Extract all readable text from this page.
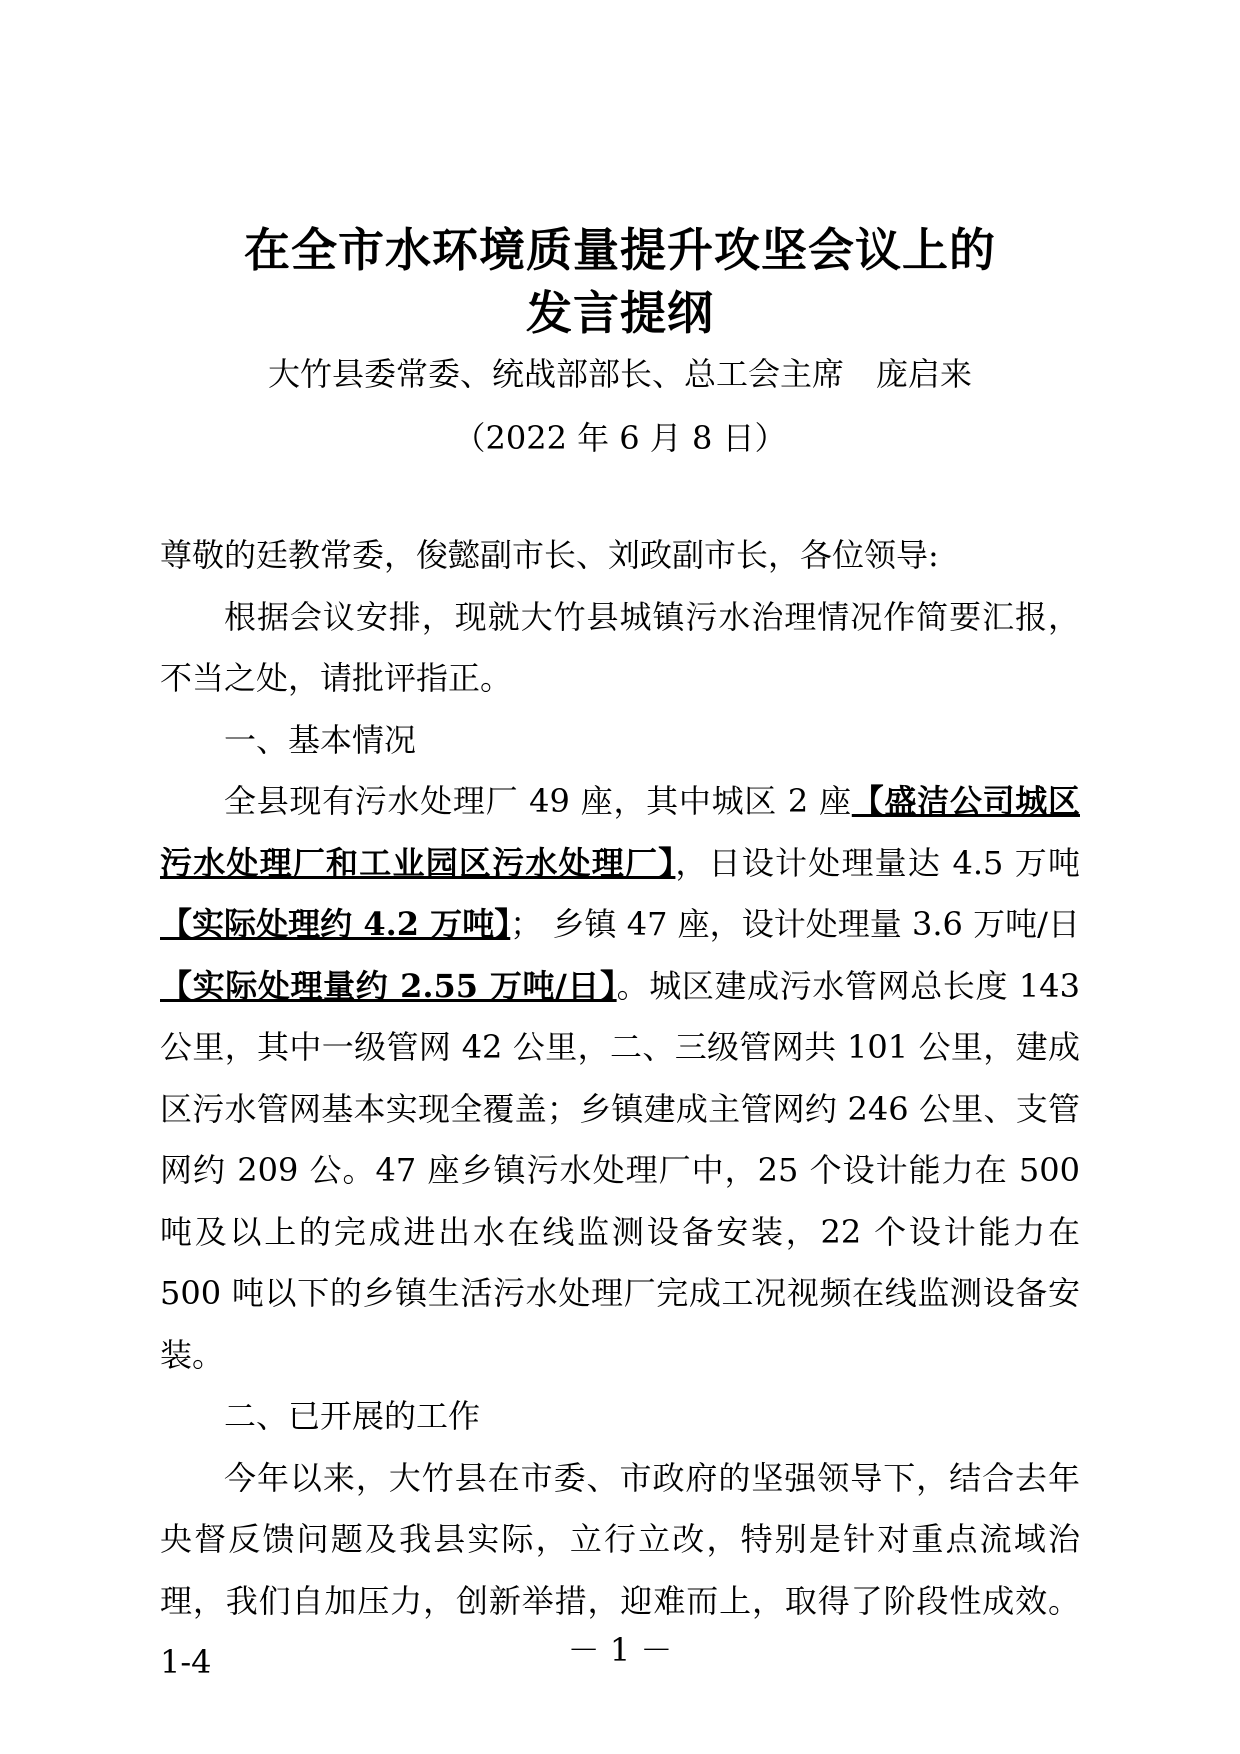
在全市水环境质量提升攻坚会议上的
发言提纲
大竹县委常委、统战部部长、总工会主席　庞启来
（2022 年 6 月 8 日）

尊敬的廷教常委，俊懿副市长、刘政副市长，各位领导:

根据会议安排，现就大竹县城镇污水治理情况作简要汇报，不当之处，请批评指正。

一、基本情况

全县现有污水处理厂 49 座，其中城区 2 座【盛洁公司城区污水处理厂和工业园区污水处理厂】，日设计处理量达 4.5 万吨【实际处理约 4.2 万吨】； 乡镇 47 座，设计处理量 3.6 万吨/日 【实际处理量约 2.55 万吨/日】。城区建成污水管网总长度 143 公里，其中一级管网 42 公里，二、三级管网共 101 公里，建成区污水管网基本实现全覆盖；乡镇建成主管网约 246 公里、支管网约 209 公。47 座乡镇污水处理厂中，25 个设计能力在 500 吨及以上的完成进出水在线监测设备安装，22 个设计能力在 500 吨以下的乡镇生活污水处理厂完成工况视频在线监测设备安装。

二、已开展的工作

今年以来，大竹县在市委、市政府的坚强领导下，结合去年央督反馈问题及我县实际，立行立改，特别是针对重点流域治理，我们自加压力，创新举措，迎难而上，取得了阶段性成效。1-4	－ 1 －
